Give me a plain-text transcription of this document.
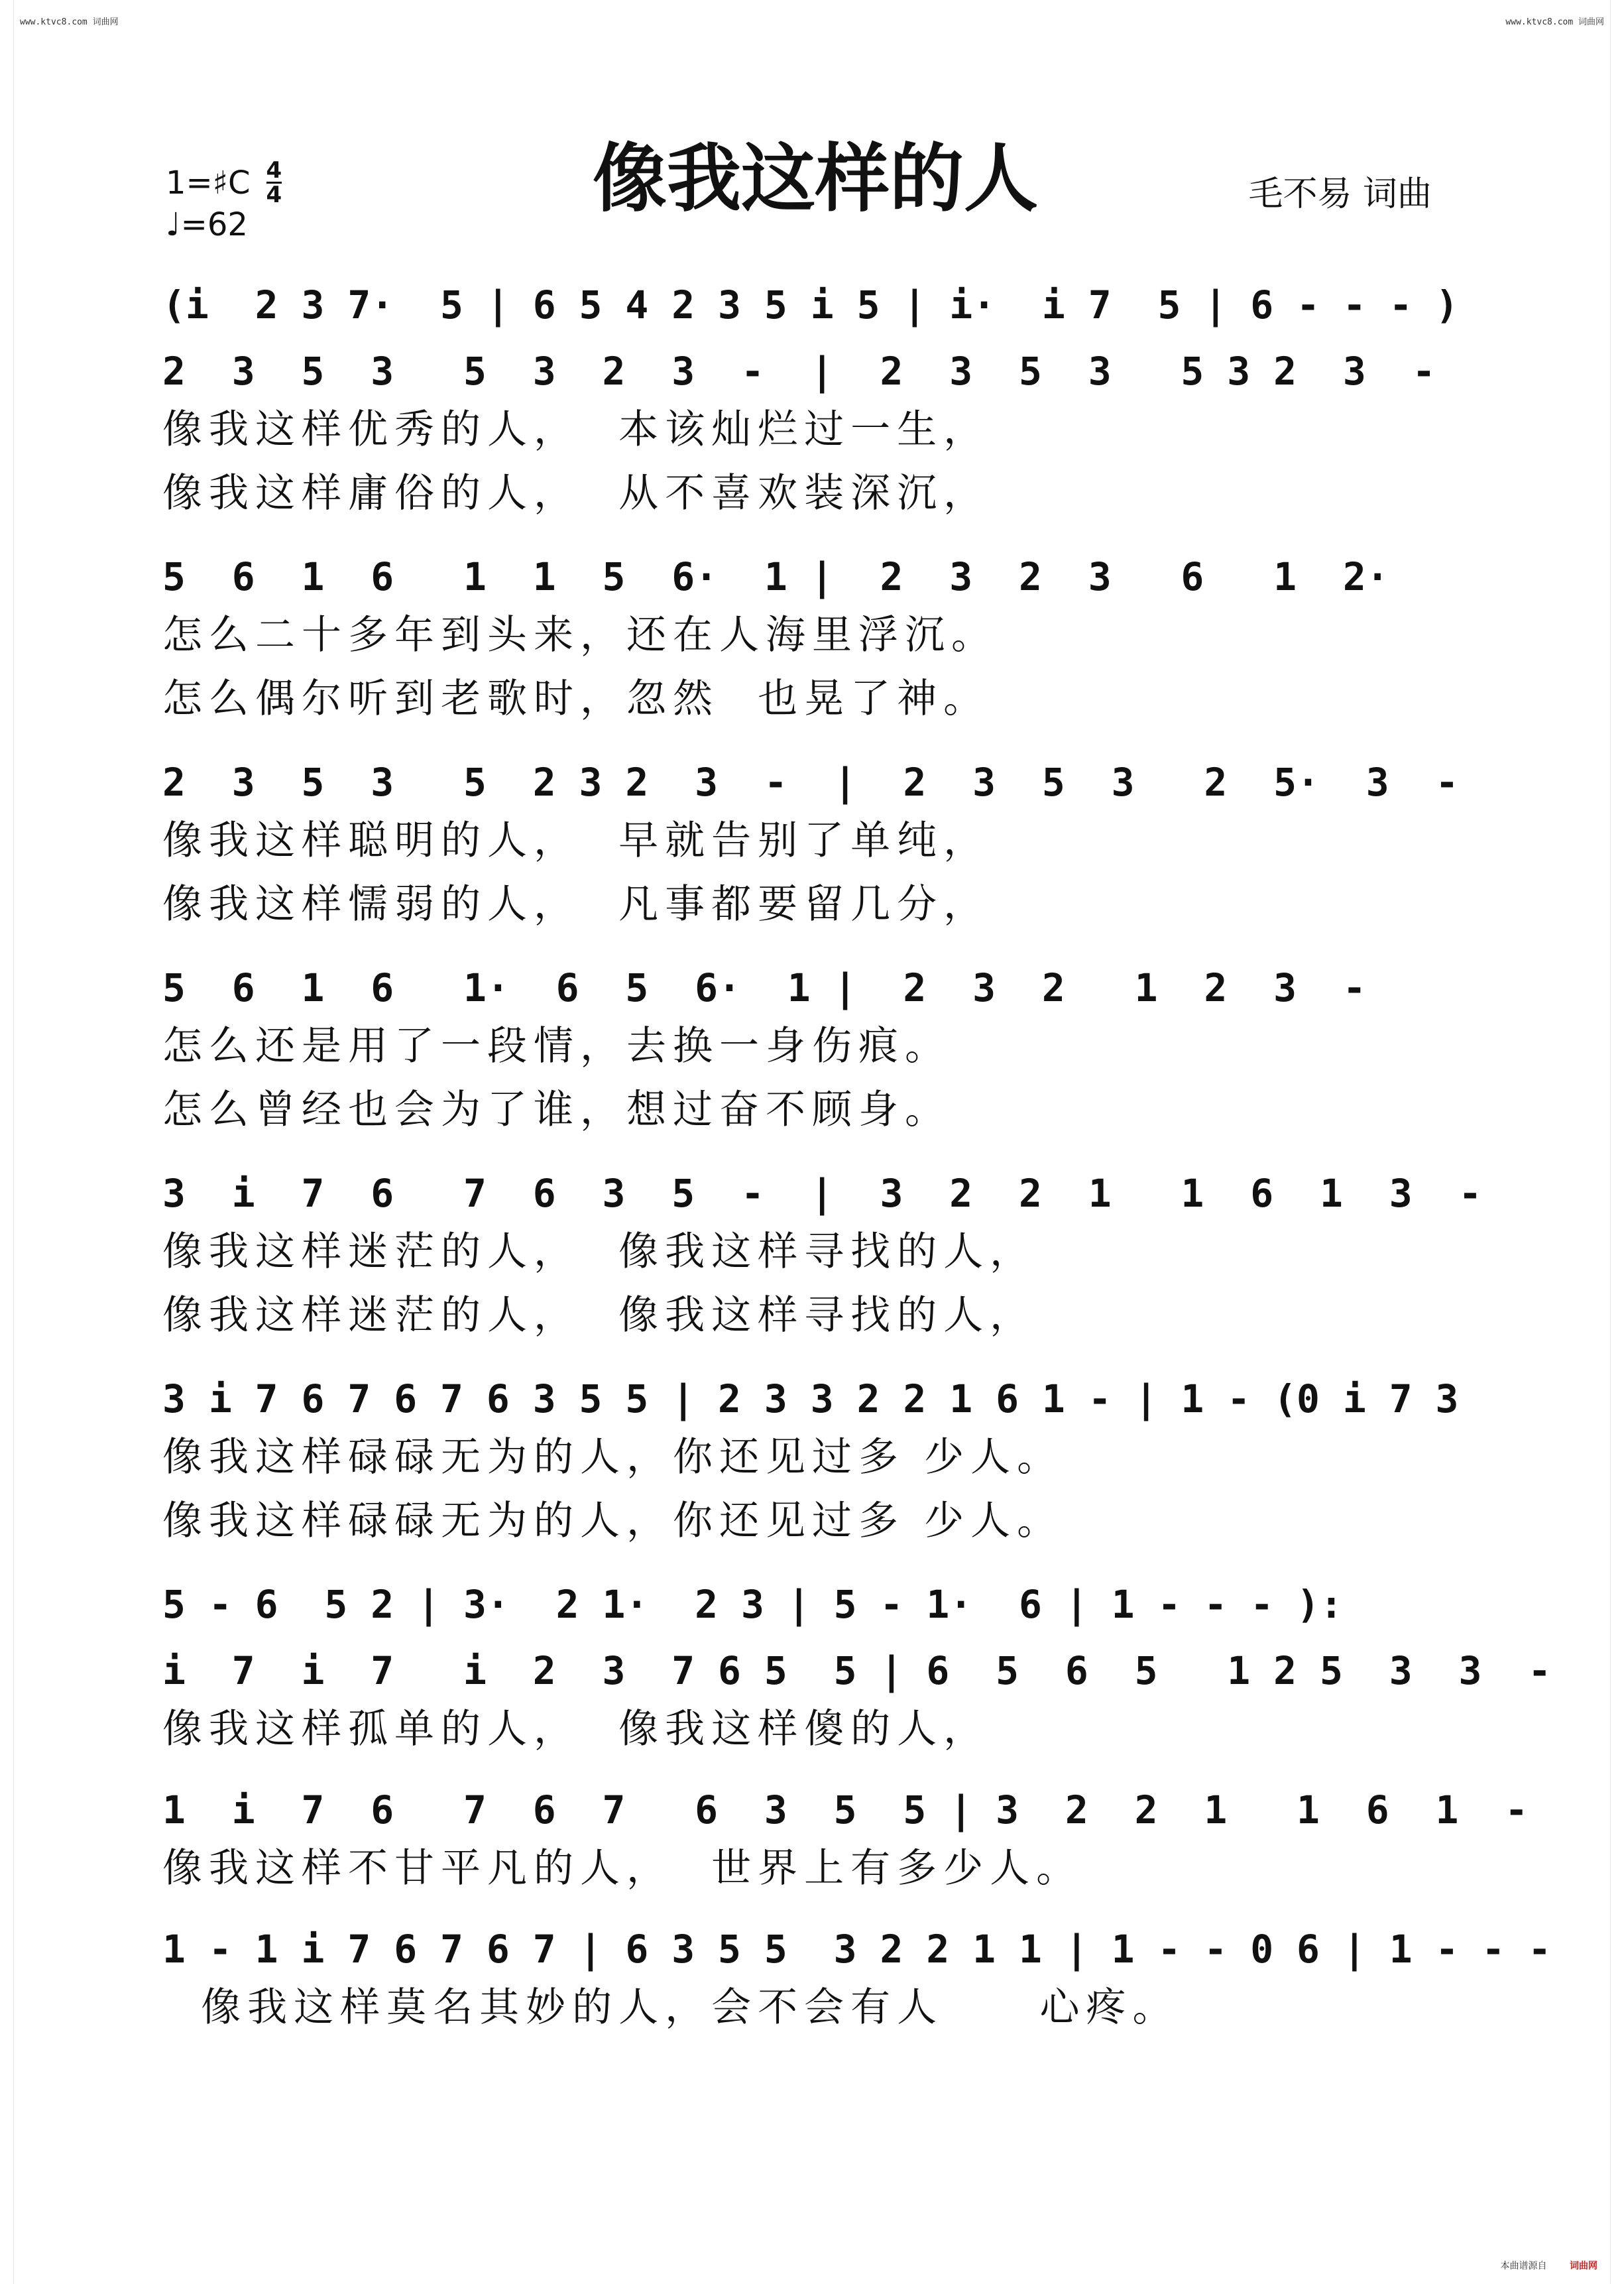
www.ktvc8.com 词曲网	www.ktvc8.com 词曲网
1=♯C 4
4
♩=62
像我这样的人	毛不易 词曲
(i  2 3 7·  5 | 6 5 4 2 3 5 i 5 | i·  i 7  5 | 6 - - - )
2  3  5  3   5  3  2  3  -  |  2  3  5  3   5 3 2  3  -
像我这样优秀的人，  本该灿烂过一生，
像我这样庸俗的人，  从不喜欢装深沉，
5  6  1  6   1  1  5  6·  1 |  2  3  2  3   6   1  2·
怎么二十多年到头来，还在人海里浮沉。
怎么偶尔听到老歌时，忽然  也晃了神。
2  3  5  3   5  2 3 2  3  -  |  2  3  5  3   2  5·  3  -
像我这样聪明的人，  早就告别了单纯，
像我这样懦弱的人，  凡事都要留几分，
5  6  1  6   1·  6  5  6·  1 |  2  3  2   1  2  3  -
怎么还是用了一段情，去换一身伤痕。
怎么曾经也会为了谁，想过奋不顾身。
3  i  7  6   7  6  3  5  -  |  3  2  2  1   1  6  1  3  -
像我这样迷茫的人，  像我这样寻找的人，
像我这样迷茫的人，  像我这样寻找的人，
3 i 7 6 7 6 7 6 3 5 5 | 2 3 3 2 2 1 6 1 - | 1 - (0 i 7 3
像我这样碌碌无为的人，你还见过多 少人。
像我这样碌碌无为的人，你还见过多 少人。
5 - 6  5 2 | 3·  2 1·  2 3 | 5 - 1·  6 | 1 - - - ):
i  7  i  7   i  2  3  7 6 5  5 | 6  5  6  5   1 2 5  3  3  -
像我这样孤单的人，  像我这样傻的人，
1  i  7  6   7  6  7   6  3  5  5 | 3  2  2  1   1  6  1  -
像我这样不甘平凡的人，  世界上有多少人。
1 - 1 i 7 6 7 6 7 | 6 3 5 5  3 2 2 1 1 | 1 - - 0 6 | 1 - - -
像我这样莫名其妙的人，会不会有人     心疼。
本曲谱源自 词曲网
